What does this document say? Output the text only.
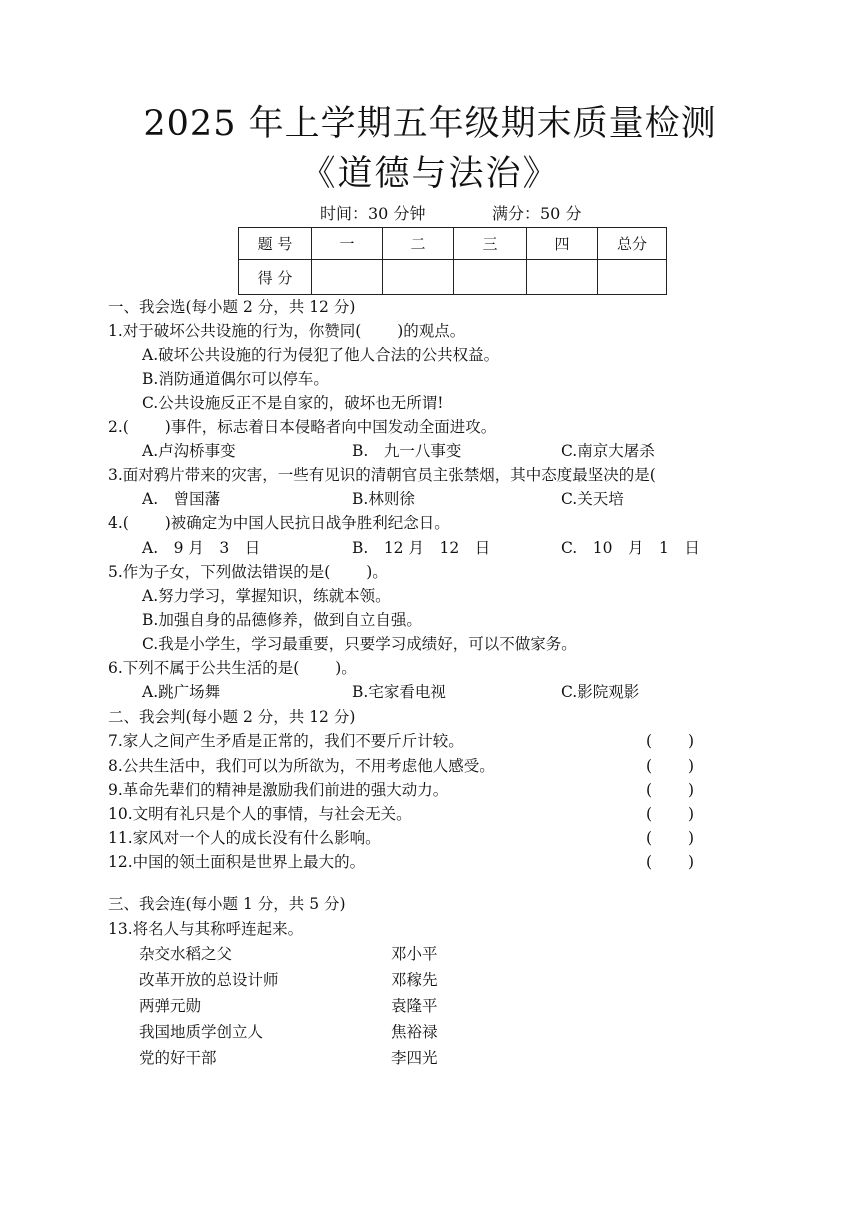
2025 年上学期五年级期末质量检测
《道德与法治》
时间：30 分钟	满分：50 分
题 号	一	二	三	四	总分
得 分					
一、我会选(每小题 2 分，共 12 分)
1.对于破坏公共设施的行为，你赞同(　　 )的观点。
A.破坏公共设施的行为侵犯了他人合法的公共权益。
B.消防通道偶尔可以停车。
C.公共设施反正不是自家的，破坏也无所谓!
2.(　　 )事件，标志着日本侵略者向中国发动全面进攻。
A.卢沟桥事变	B.　九一八事变	C.南京大屠杀
3.面对鸦片带来的灾害，一些有见识的清朝官员主张禁烟，其中态度最坚决的是(
A.　曾国藩	B.林则徐	C.关天培
4.(　　 )被确定为中国人民抗日战争胜利纪念日。
A.　9 月　3　日	B.　12 月　12　日	C.　10　月　1　日
5.作为子女，下列做法错误的是(　　 )。
A.努力学习，掌握知识，练就本领。
B.加强自身的品德修养，做到自立自强。
C.我是小学生，学习最重要，只要学习成绩好，可以不做家务。
6.下列不属于公共生活的是(　　 )。
A.跳广场舞	B.宅家看电视	C.影院观影
二、我会判(每小题 2 分，共 12 分)
7.家人之间产生矛盾是正常的，我们不要斤斤计较。	(　　 )
8.公共生活中，我们可以为所欲为，不用考虑他人感受。	(　　 )
9.革命先辈们的精神是激励我们前进的强大动力。	(　　 )
10.文明有礼只是个人的事情，与社会无关。	(　　 )
11.家风对一个人的成长没有什么影响。	(　　 )
12.中国的领土面积是世界上最大的。	(　　 )
三、我会连(每小题 1 分，共 5 分)
13.将名人与其称呼连起来。
杂交水稻之父	邓小平
改革开放的总设计师	邓稼先
两弹元勋	袁隆平
我国地质学创立人	焦裕禄
党的好干部	李四光
